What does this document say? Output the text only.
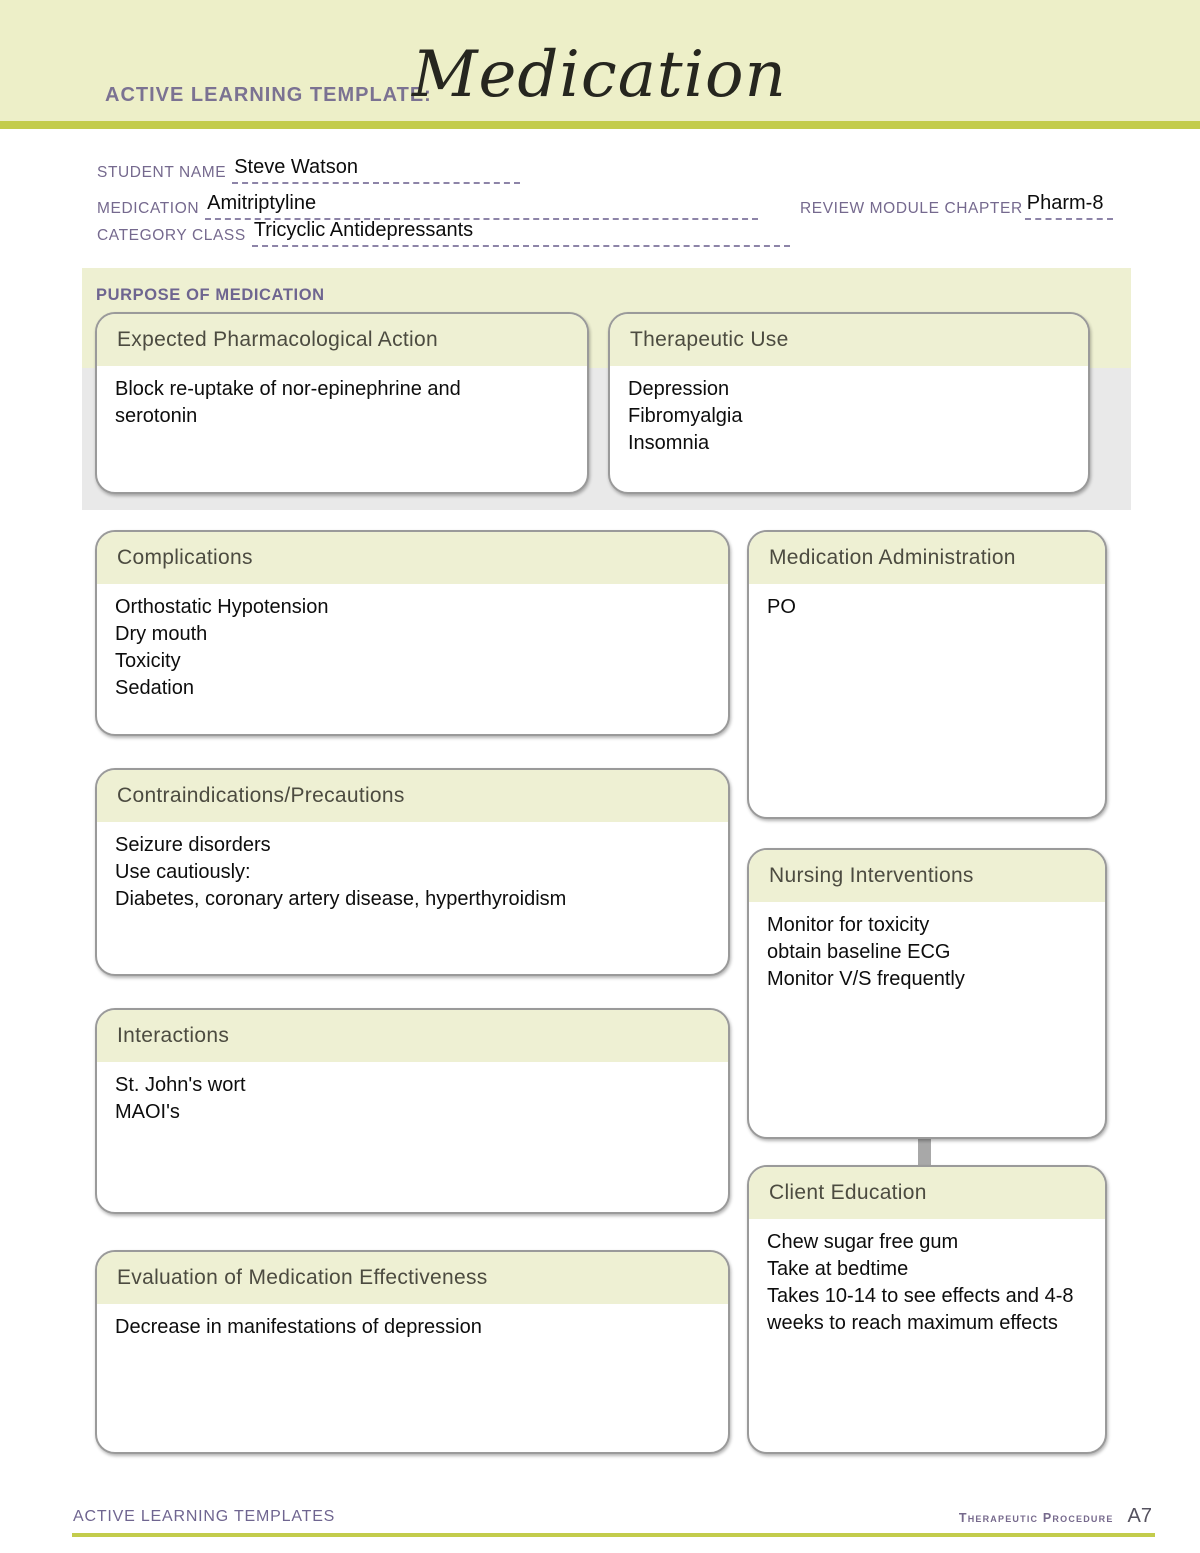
ACTIVE LEARNING TEMPLATE:
Medication
STUDENT NAME Steve Watson
MEDICATION Amitriptyline	REVIEW MODULE CHAPTER Pharm-8
CATEGORY CLASS Tricyclic Antidepressants
PURPOSE OF MEDICATION
Expected Pharmacological Action
Block re-uptake of nor-epinephrine and
serotonin
Therapeutic Use
Depression
Fibromyalgia
Insomnia
Complications
Orthostatic Hypotension
Dry mouth
Toxicity
Sedation
Contraindications/Precautions
Seizure disorders
Use cautiously:
Diabetes, coronary artery disease, hyperthyroidism
Interactions
St. John's wort
MAOI's
Evaluation of Medication Effectiveness
Decrease in manifestations of depression
Medication Administration
PO
Nursing Interventions
Monitor for toxicity
obtain baseline ECG
Monitor V/S frequently
Client Education
Chew sugar free gum
Take at bedtime
Takes 10-14 to see effects and 4-8 weeks to reach maximum effects
ACTIVE LEARNING TEMPLATES	Therapeutic Procedure A7
